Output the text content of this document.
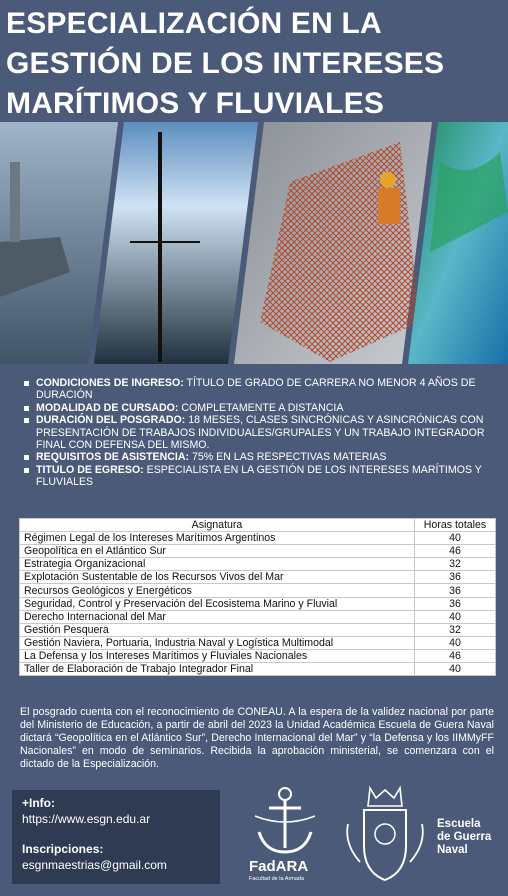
ESPECIALIZACIÓN EN LA
GESTIÓN DE LOS INTERESES
MARÍTIMOS Y FLUVIALES
CONDICIONES DE INGRESO: TÍTULO DE GRADO DE CARRERA NO MENOR 4 AÑOS DE DURACIÓN
MODALIDAD DE CURSADO: COMPLETAMENTE A DISTANCIA
DURACIÓN DEL POSGRADO: 18 MESES, CLASES SINCRÓNICAS Y ASINCRÓNICAS CON PRESENTACIÓN DE TRABAJOS INDIVIDUALES/GRUPALES Y UN TRABAJO INTEGRADOR FINAL CON DEFENSA DEL MISMO.
REQUISITOS DE ASISTENCIA: 75% EN LAS RESPECTIVAS MATERIAS
TITULO DE EGRESO: ESPECIALISTA EN LA GESTIÓN DE LOS INTERESES MARÍTIMOS Y FLUVIALES
Asignatura	Horas totales
Régimen Legal de los Intereses Marítimos Argentinos	40
Geopolítica en el Atlántico Sur	46
Estrategia Organizacional	32
Explotación Sustentable de los Recursos Vivos del Mar	36
Recursos Geológicos y Energéticos	36
Seguridad, Control y Preservación del Ecosistema Marino y Fluvial	36
Derecho Internacional del Mar	40
Gestión Pesquera	32
Gestión Naviera, Portuaria, Industria Naval y Logística Multimodal	40
La Defensa y los Intereses Marítimos y Fluviales Nacionales	46
Taller de Elaboración de Trabajo Integrador Final	40
El posgrado cuenta con el reconocimiento de CONEAU. A la espera de la validez nacional por parte del Ministerio de Educación, a partir de abril del 2023 la Unidad Académica Escuela de Guera Naval dictará “Geopolítica en el Atlántico Sur”, Derecho Internacional del Mar” y “la Defensa y los IIMMyFF Nacionales” en modo de seminarios. Recibida la aprobación ministerial, se comenzara con el dictado de la Especialización.
+Info:
https://www.esgn.edu.ar
Inscripciones:
esgnmaestrias@gmail.com	FadARA
Facultad de la Armada
Escuela
de Guerra
Naval
